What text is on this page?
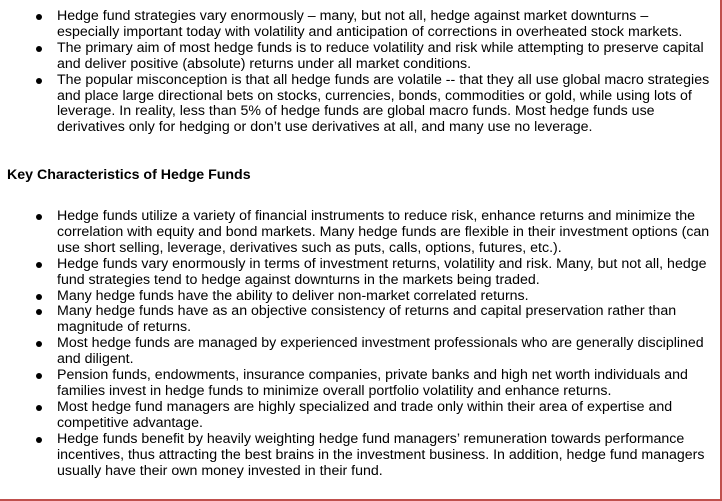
Hedge fund strategies vary enormously – many, but not all, hedge against market downturns – especially important today with volatility and anticipation of corrections in overheated stock markets.
The primary aim of most hedge funds is to reduce volatility and risk while attempting to preserve capital and deliver positive (absolute) returns under all market conditions.
The popular misconception is that all hedge funds are volatile -- that they all use global macro strategies and place large directional bets on stocks, currencies, bonds, commodities or gold, while using lots of leverage. In reality, less than 5% of hedge funds are global macro funds. Most hedge funds use derivatives only for hedging or don’t use derivatives at all, and many use no leverage.
Key Characteristics of Hedge Funds
Hedge funds utilize a variety of financial instruments to reduce risk, enhance returns and minimize the correlation with equity and bond markets. Many hedge funds are flexible in their investment options (can use short selling, leverage, derivatives such as puts, calls, options, futures, etc.).
Hedge funds vary enormously in terms of investment returns, volatility and risk. Many, but not all, hedge fund strategies tend to hedge against downturns in the markets being traded.
Many hedge funds have the ability to deliver non-market correlated returns.
Many hedge funds have as an objective consistency of returns and capital preservation rather than magnitude of returns.
Most hedge funds are managed by experienced investment professionals who are generally disciplined and diligent.
Pension funds, endowments, insurance companies, private banks and high net worth individuals and families invest in hedge funds to minimize overall portfolio volatility and enhance returns.
Most hedge fund managers are highly specialized and trade only within their area of expertise and competitive advantage.
Hedge funds benefit by heavily weighting hedge fund managers’ remuneration towards performance incentives, thus attracting the best brains in the investment business. In addition, hedge fund managers usually have their own money invested in their fund.
